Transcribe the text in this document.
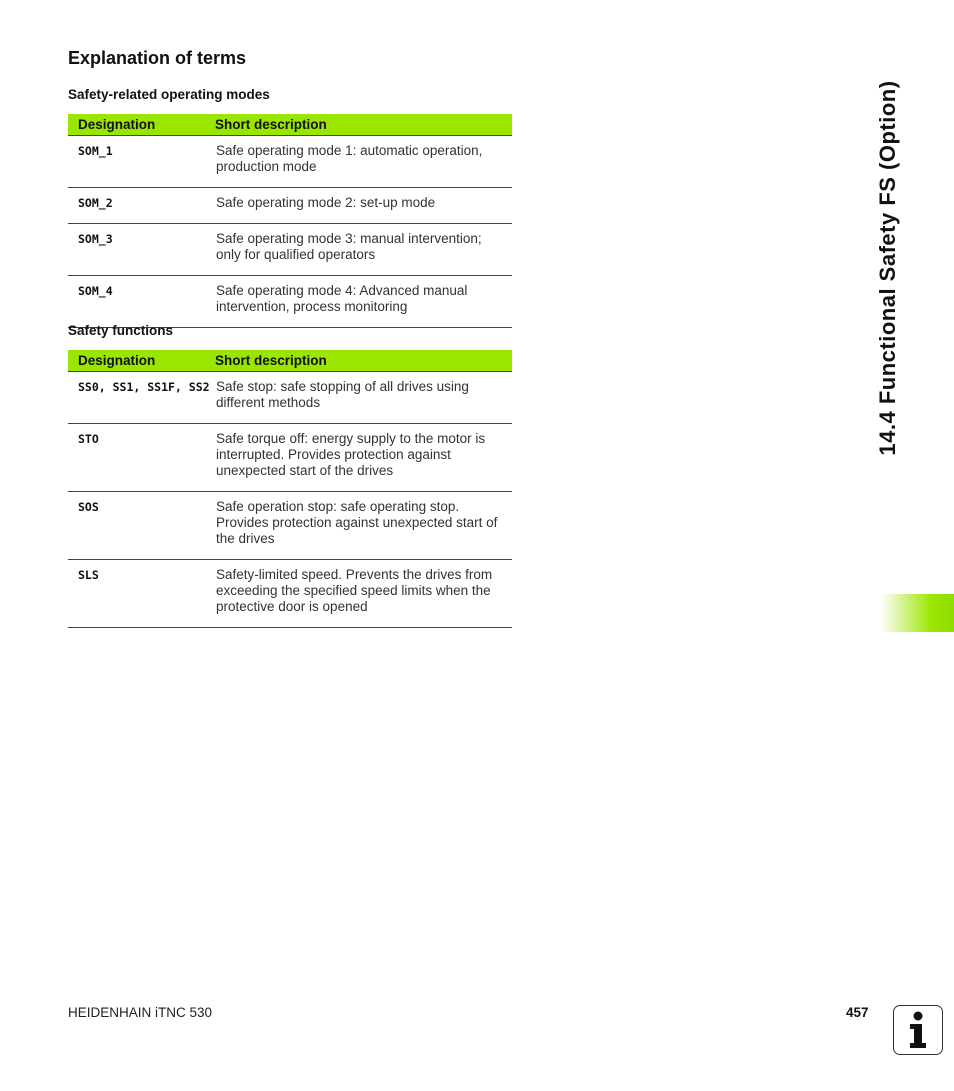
Explanation of terms
Safety-related operating modes
Designation	Short description
SOM_1	Safe operating mode 1: automatic operation, production mode
SOM_2	Safe operating mode 2: set-up mode
SOM_3	Safe operating mode 3: manual intervention; only for qualified operators
SOM_4	Safe operating mode 4: Advanced manual intervention, process monitoring
Safety functions
Designation	Short description
SS0, SS1, SS1F, SS2	Safe stop: safe stopping of all drives using different methods
STO	Safe torque off: energy supply to the motor is interrupted. Provides protection against unexpected start of the drives
SOS	Safe operation stop: safe operating stop. Provides protection against unexpected start of the drives
SLS	Safety-limited speed. Prevents the drives from exceeding the specified speed limits when the protective door is opened
14.4 Functional Safety FS (Option)
HEIDENHAIN iTNC 530	457
